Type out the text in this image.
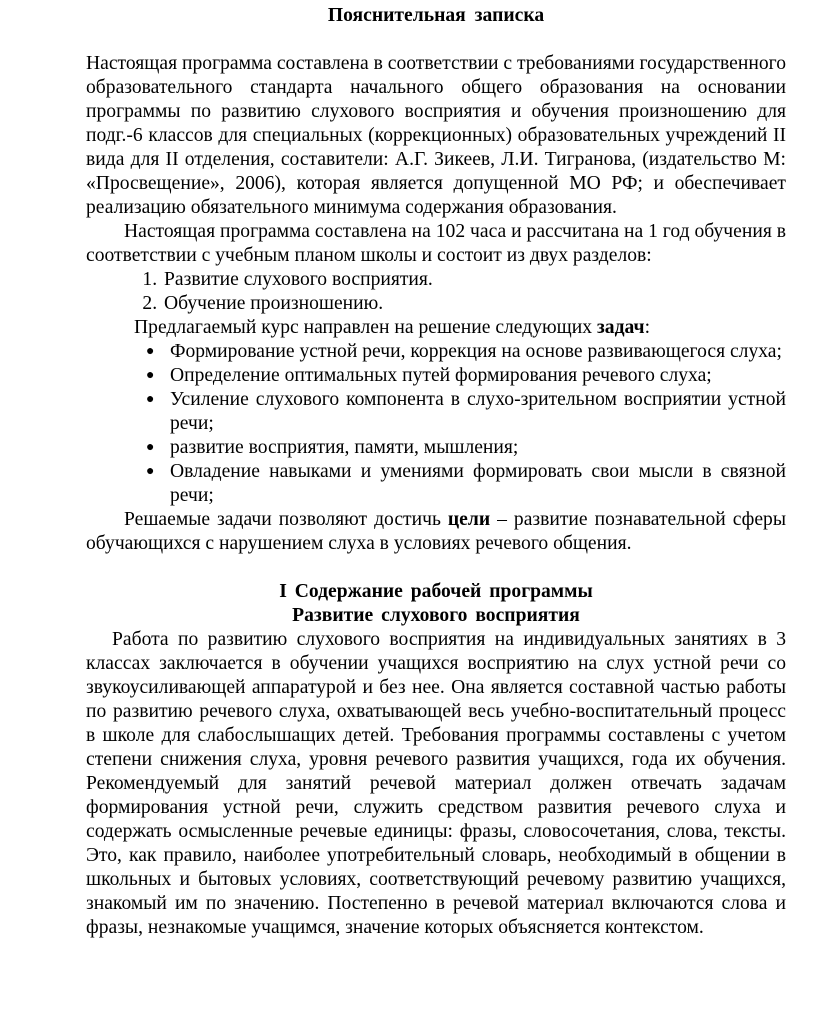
Пояснительная записка

Настоящая программа составлена в соответствии с требованиями государственного образовательного стандарта начального общего образования на основании программы по развитию слухового восприятия и обучения произношению для подг.-6 классов для специальных (коррекционных) образовательных учреждений II вида для II отделения, составители: А.Г. Зикеев, Л.И. Тигранова, (издательство М: «Просвещение», 2006), которая является допущенной МО РФ; и обеспечивает реализацию обязательного минимума содержания образования.

Настоящая программа составлена на 102 часа и рассчитана на 1 год обучения в соответствии с учебным планом школы и состоит из двух разделов:

1. Развитие слухового восприятия.
2. Обучение произношению.

Предлагаемый курс направлен на решение следующих задач:

● Формирование устной речи, коррекция на основе развивающегося слуха;
● Определение оптимальных путей формирования речевого слуха;
● Усиление слухового компонента в слухо-зрительном восприятии устной речи;
● развитие восприятия, памяти, мышления;
● Овладение навыками и умениями формировать свои мысли в связной речи;

Решаемые задачи позволяют достичь цели – развитие познавательной сферы обучающихся с нарушением слуха в условиях речевого общения.

I Содержание рабочей программы
Развитие слухового восприятия

Работа по развитию слухового восприятия на индивидуальных занятиях в 3 классах заключается в обучении учащихся восприятию на слух устной речи со звукоусиливающей аппаратурой и без нее. Она является составной частью работы по развитию речевого слуха, охватывающей весь учебно-воспитательный процесс в школе для слабослышащих детей. Требования программы составлены с учетом степени снижения слуха, уровня речевого развития учащихся, года их обучения. Рекомендуемый для занятий речевой материал должен отвечать задачам формирования устной речи, служить средством развития речевого слуха и содержать осмысленные речевые единицы: фразы, словосочетания, слова, тексты. Это, как правило, наиболее употребительный словарь, необходимый в общении в школьных и бытовых условиях, соответствующий речевому развитию учащихся, знакомый им по значению. Постепенно в речевой материал включаются слова и фразы, незнакомые учащимся, значение которых объясняется контекстом.
